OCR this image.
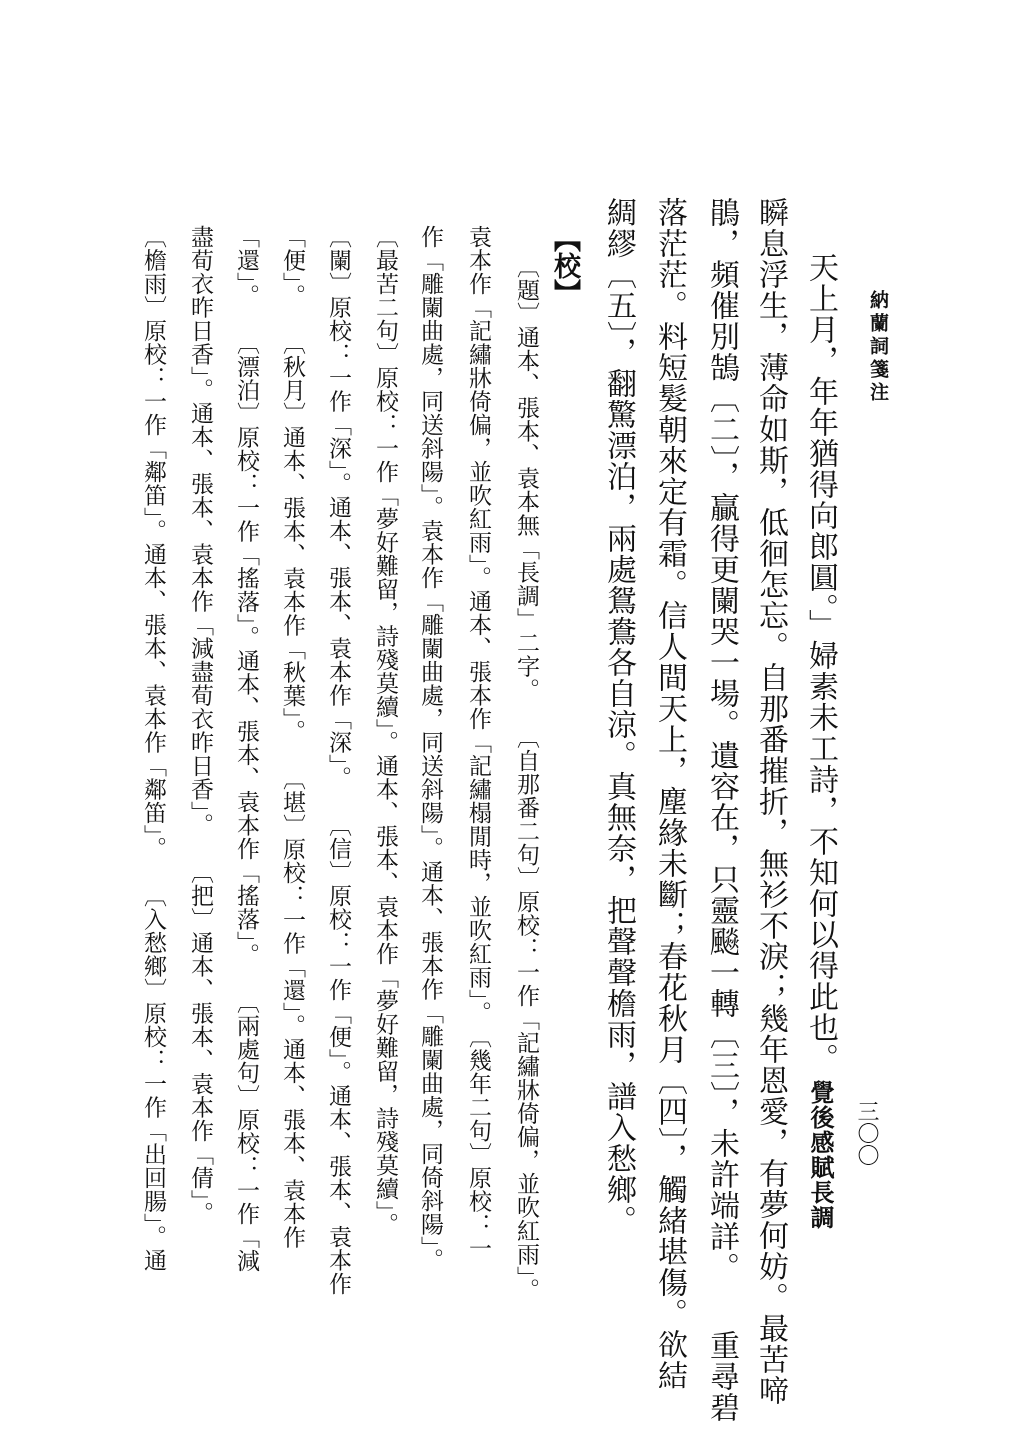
納蘭詞箋注
三〇〇
天上月，年年猶得向郎圓。」婦素未工詩，不知何以得此也。覺後感賦長調
瞬息浮生，薄命如斯，低徊怎忘。自那番摧折，無衫不淚；幾年恩愛，有夢何妨。最苦啼
鵑，頻催別鵠〔二〕，贏得更闌哭一場。遺容在，只靈飈一轉〔三〕，未許端詳。　　重尋碧
落茫茫。料短髮朝來定有霜。信人間天上，塵緣未斷；春花秋月〔四〕，觸緒堪傷。欲結
綢繆〔五〕，翻驚漂泊，兩處鴛鴦各自涼。真無奈，把聲聲檐雨，譜入愁鄉。
【校】
〔題〕通本、張本、袁本無「長調」二字。　　〔自那番二句〕原校：一作「記繡牀倚偏，並吹紅雨」。
袁本作「記繡牀倚偏，並吹紅雨」。通本、張本作「記繡榻閒時，並吹紅雨」。　〔幾年二句〕原校：一
作「雕闌曲處，同送斜陽」。袁本作「雕闌曲處，同送斜陽」。通本、張本作「雕闌曲處，同倚斜陽」。
〔最苦二句〕原校：一作「夢好難留，詩殘莫續」。通本、張本、袁本作「夢好難留，詩殘莫續」。
〔闌〕原校：一作「深」。通本、張本、袁本作「深」。　　〔信〕原校：一作「便」。通本、張本、袁本作
「便」。　　〔秋月〕通本、張本、袁本作「秋葉」。　　〔堪〕原校：一作「還」。通本、張本、袁本作
「還」。　　〔漂泊〕原校：一作「搖落」。通本、張本、袁本作「搖落」。　　〔兩處句〕原校：一作「減
盡荀衣昨日香」。通本、張本、袁本作「減盡荀衣昨日香」。　　〔把〕通本、張本、袁本作「倩」。
〔檐雨〕原校：一作「鄰笛」。通本、張本、袁本作「鄰笛」。　　〔入愁鄉〕原校：一作「出回腸」。通
